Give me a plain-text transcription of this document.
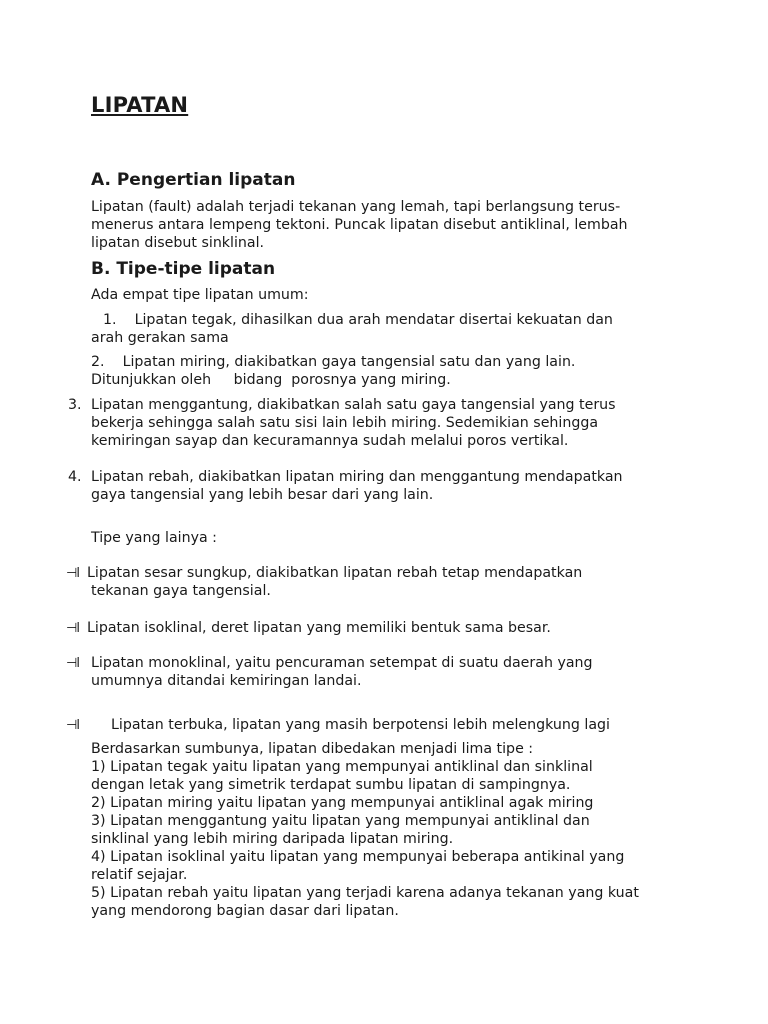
LIPATAN
A. Pengertian lipatan
Lipatan (fault) adalah terjadi tekanan yang lemah, tapi berlangsung terus-
menerus antara lempeng tektoni. Puncak lipatan disebut antiklinal, lembah
lipatan disebut sinklinal.
B. Tipe-tipe lipatan
Ada empat tipe lipatan umum:
1.    Lipatan tegak, dihasilkan dua arah mendatar disertai kekuatan dan
arah gerakan sama
2.    Lipatan miring, diakibatkan gaya tangensial satu dan yang lain.
Ditunjukkan oleh     bidang  porosnya yang miring.
3. Lipatan menggantung, diakibatkan salah satu gaya tangensial yang terus
bekerja sehingga salah satu sisi lain lebih miring. Sedemikian sehingga
kemiringan sayap dan kecuramannya sudah melalui poros vertikal.
4. Lipatan rebah, diakibatkan lipatan miring dan menggantung mendapatkan
gaya tangensial yang lebih besar dari yang lain.
Tipe yang lainya :
⊣l Lipatan sesar sungkup, diakibatkan lipatan rebah tetap mendapatkan
tekanan gaya tangensial.
⊣l Lipatan isoklinal, deret lipatan yang memiliki bentuk sama besar.
⊣l Lipatan monoklinal, yaitu pencuraman setempat di suatu daerah yang
umumnya ditandai kemiringan landai.
⊣l Lipatan terbuka, lipatan yang masih berpotensi lebih melengkung lagi
Berdasarkan sumbunya, lipatan dibedakan menjadi lima tipe :
1) Lipatan tegak yaitu lipatan yang mempunyai antiklinal dan sinklinal
dengan letak yang simetrik terdapat sumbu lipatan di sampingnya.
2) Lipatan miring yaitu lipatan yang mempunyai antiklinal agak miring
3) Lipatan menggantung yaitu lipatan yang mempunyai antiklinal dan
sinklinal yang lebih miring daripada lipatan miring.
4) Lipatan isoklinal yaitu lipatan yang mempunyai beberapa antikinal yang
relatif sejajar.
5) Lipatan rebah yaitu lipatan yang terjadi karena adanya tekanan yang kuat
yang mendorong bagian dasar dari lipatan.
